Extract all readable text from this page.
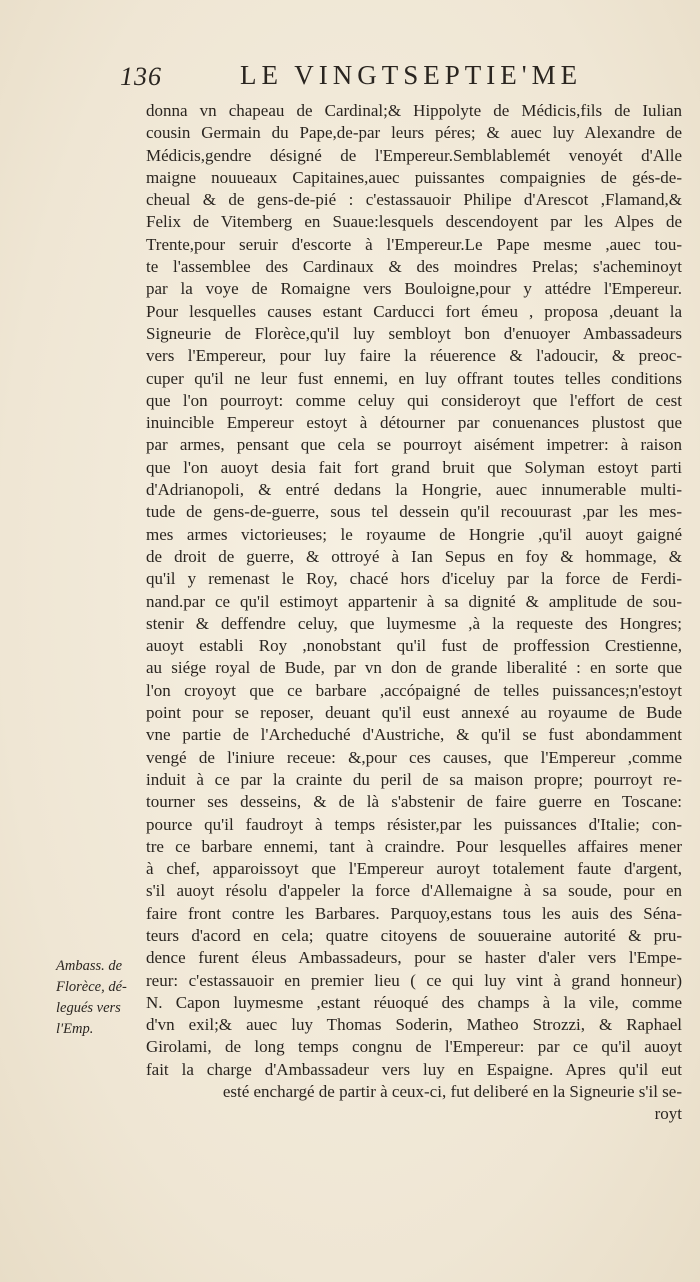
136	LE VINGTSEPTIE'ME
donna vn chapeau de Cardinal;& Hippolyte de Médicis,fils de Iulian
cousin Germain du Pape,de-par leurs péres; & auec luy Alexandre de
Médicis,gendre désigné de l'Empereur.Semblablemét venoyét d'Alle
maigne nouueaux Capitaines,auec puissantes compaignies de gés-de-
cheual & de gens-de-pié : c'estassauoir Philipe d'Arescot ,Flamand,&
Felix de Vitemberg en Suaue:lesquels descendoyent par les Alpes de
Trente,pour seruir d'escorte à l'Empereur.Le Pape mesme ,auec tou-
te l'assemblee des Cardinaux & des moindres Prelas; s'acheminoyt
par la voye de Romaigne vers Bouloigne,pour y attédre l'Empereur.
Pour lesquelles causes estant Carducci fort émeu , proposa ,deuant la
Signeurie de Florèce,qu'il luy sembloyt bon d'enuoyer Ambassadeurs
vers l'Empereur, pour luy faire la réuerence & l'adoucir, & preoc-
cuper qu'il ne leur fust ennemi, en luy offrant toutes telles conditions
que l'on pourroyt: comme celuy qui consideroyt que l'effort de cest
inuincible Empereur estoyt à détourner par conuenances plustost que
par armes, pensant que cela se pourroyt aisément impetrer: à raison
que l'on auoyt desia fait fort grand bruit que Solyman estoyt parti
d'Adrianopoli, & entré dedans la Hongrie, auec innumerable multi-
tude de gens-de-guerre, sous tel dessein qu'il recouurast ,par les mes-
mes armes victorieuses; le royaume de Hongrie ,qu'il auoyt gaigné
de droit de guerre, & ottroyé à Ian Sepus en foy & hommage, &
qu'il y remenast le Roy, chacé hors d'iceluy par la force de Ferdi-
nand.par ce qu'il estimoyt appartenir à sa dignité & amplitude de sou-
stenir & deffendre celuy, que luymesme ,à la requeste des Hongres;
auoyt establi Roy ,nonobstant qu'il fust de proffession Crestienne,
au siége royal de Bude, par vn don de grande liberalité : en sorte que
l'on croyoyt que ce barbare ,accópaigné de telles puissances;n'estoyt
point pour se reposer, deuant qu'il eust annexé au royaume de Bude
vne partie de l'Archeduché d'Austriche, & qu'il se fust abondamment
vengé de l'iniure receue: &,pour ces causes, que l'Empereur ,comme
induit à ce par la crainte du peril de sa maison propre; pourroyt re-
tourner ses desseins, & de là s'abstenir de faire guerre en Toscane:
pource qu'il faudroyt à temps résister,par les puissances d'Italie; con-
tre ce barbare ennemi, tant à craindre. Pour lesquelles affaires mener
à chef, apparoissoyt que l'Empereur auroyt totalement faute d'argent,
s'il auoyt résolu d'appeler la force d'Allemaigne à sa soude, pour en
faire front contre les Barbares. Parquoy,estans tous les auis des Séna-
teurs d'acord en cela; quatre citoyens de souueraine autorité & pru-
dence furent éleus Ambassadeurs, pour se haster d'aler vers l'Empe-
reur: c'estassauoir en premier lieu ( ce qui luy vint à grand honneur)
N. Capon luymesme ,estant réuoqué des champs à la vile, comme
d'vn exil;& auec luy Thomas Soderin, Matheo Strozzi, & Raphael
Girolami, de long temps congnu de l'Empereur: par ce qu'il auoyt
fait la charge d'Ambassadeur vers luy en Espaigne. Apres qu'il eut
esté enchargé de partir à ceux-ci, fut deliberé en la Signeurie s'il se-
royt
Ambass. de
Florèce, dé-
legués vers
l'Emp.
